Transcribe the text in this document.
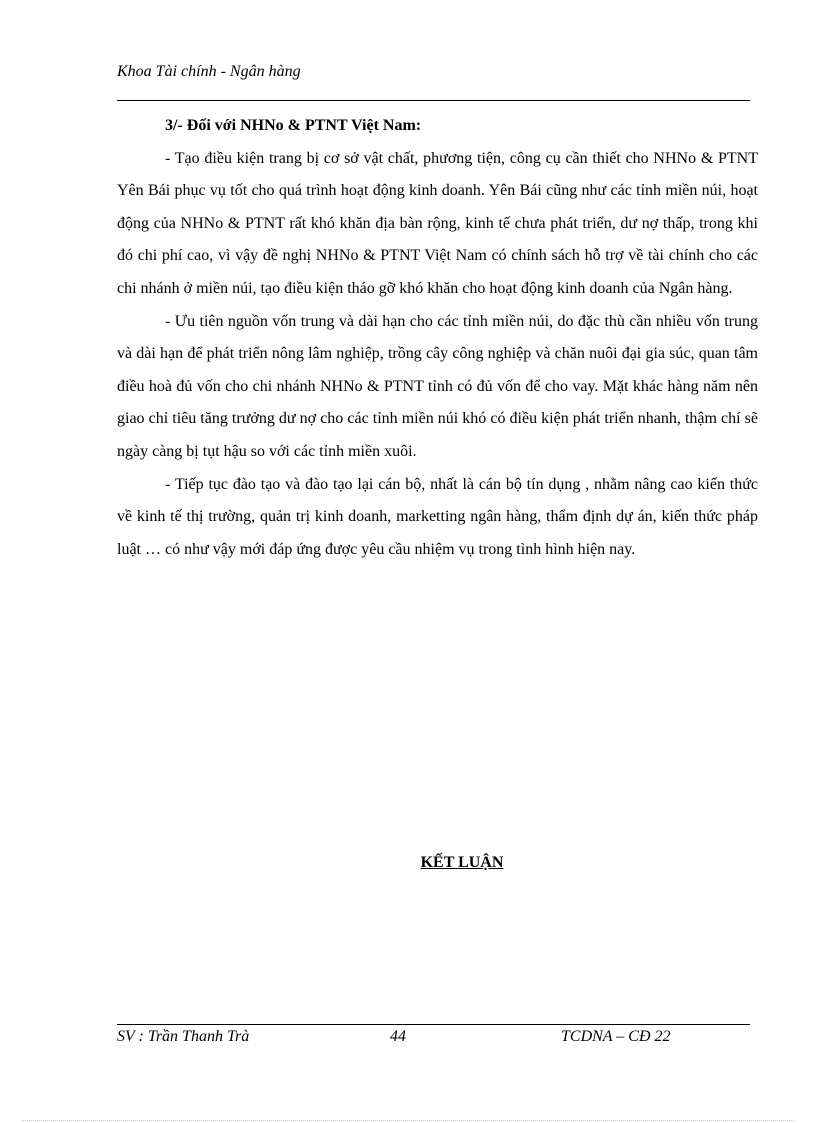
Khoa Tài chính - Ngân hàng

3/- Đối với NHNo & PTNT Việt Nam:

- Tạo điều kiện trang bị cơ sở vật chất, phương tiện, công cụ cần thiết cho NHNo & PTNT Yên Bái phục vụ tốt cho quá trình hoạt động kinh doanh. Yên Bái cũng như các tỉnh miền núi, hoạt động của NHNo & PTNT rất khó khăn địa bàn rộng, kinh tế chưa phát triển, dư nợ thấp, trong khi đó chi phí cao, vì vậy đề nghị NHNo & PTNT Việt Nam có chính sách hỗ trợ về tài chính cho các chi nhánh ở miền núi, tạo điều kiện tháo gỡ khó khăn cho hoạt động kinh doanh của Ngân hàng.

- Ưu tiên nguồn vốn trung và dài hạn cho các tỉnh miền núi, do đặc thù cần nhiều vốn trung và dài hạn để phát triển nông lâm nghiệp, trồng cây công nghiệp và chăn nuôi đại gia súc, quan tâm điều hoà đủ vốn cho chi nhánh NHNo & PTNT tỉnh có đủ vốn để cho vay. Mặt khác hàng năm nên giao chỉ tiêu tăng trưởng dư nợ cho các tỉnh miền núi khó có điều kiện phát triển nhanh, thậm chí sẽ ngày càng bị tụt hậu so với các tỉnh miền xuôi.

- Tiếp tục đào tạo và đào tạo lại cán bộ, nhất là cán bộ tín dụng , nhằm nâng cao kiến thức về kinh tế thị trường, quản trị kinh doanh, marketting ngân hàng, thẩm định dự án, kiến thức pháp luật … có như vậy mới đáp ứng được yêu cầu nhiệm vụ trong tình hình hiện nay.

KẾT LUẬN
SV : Trần Thanh Trà	44	TCDNA – CĐ 22
